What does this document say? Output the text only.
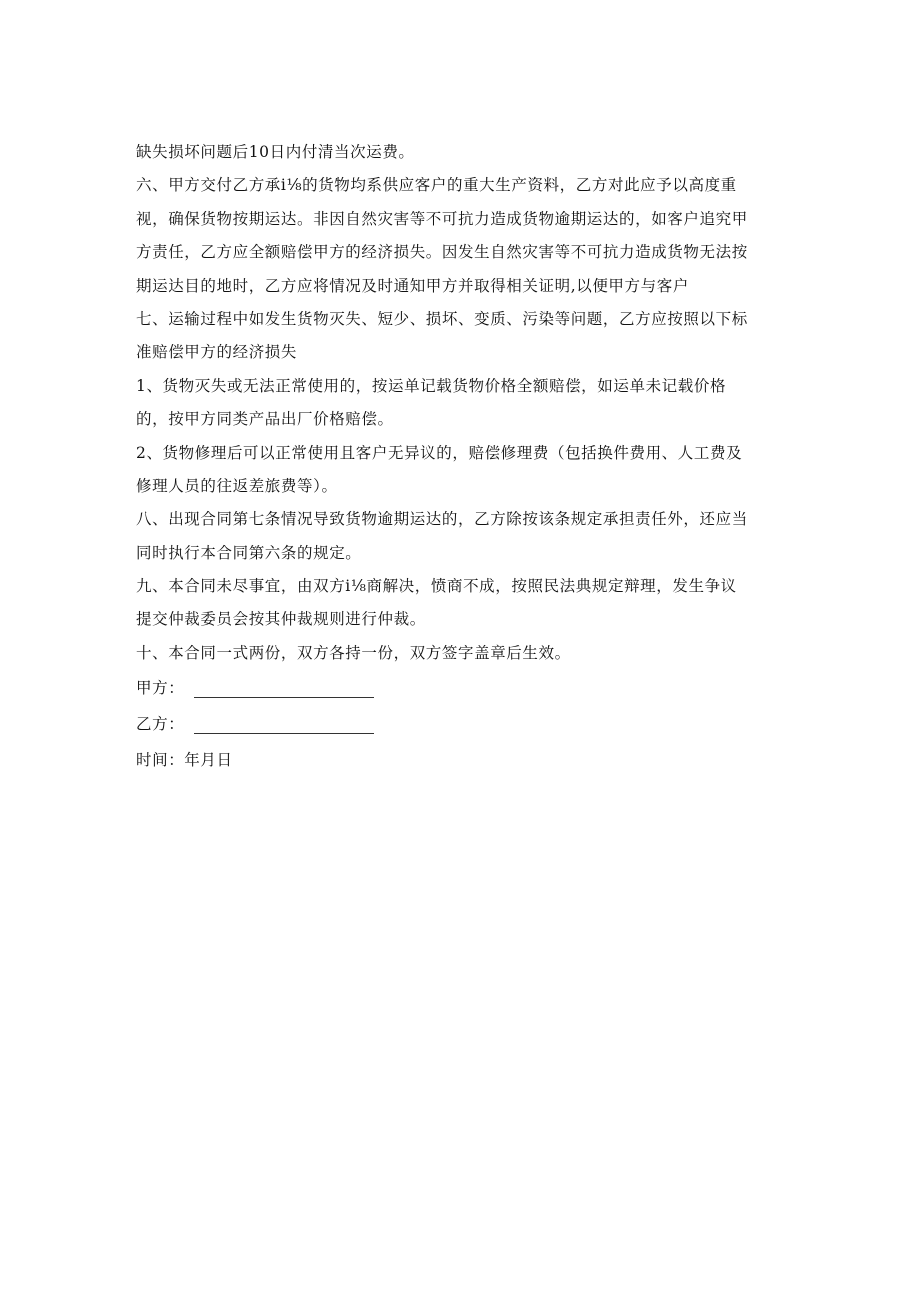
缺失损坏问题后10日内付清当次运费。
六、甲方交付乙方承i⅛的货物均系供应客户的重大生产资料，乙方对此应予以高度重
视，确保货物按期运达。非因自然灾害等不可抗力造成货物逾期运达的，如客户追究甲
方责任，乙方应全额赔偿甲方的经济损失。因发生自然灾害等不可抗力造成货物无法按
期运达目的地时，乙方应将情况及时通知甲方并取得相关证明,以便甲方与客户
七、运输过程中如发生货物灭失、短少、损坏、变质、污染等问题，乙方应按照以下标
准赔偿甲方的经济损失
1、货物灭失或无法正常使用的，按运单记载货物价格全额赔偿，如运单未记载价格
的，按甲方同类产品出厂价格赔偿。
2、货物修理后可以正常使用且客户无异议的，赔偿修理费（包括换件费用、人工费及
修理人员的往返差旅费等）。
八、出现合同第七条情况导致货物逾期运达的，乙方除按该条规定承担责任外，还应当
同时执行本合同第六条的规定。
九、本合同未尽事宜，由双方i⅛商解决，愤商不成，按照民法典规定辩理，发生争议
提交仲裁委员会按其仲裁规则进行仲裁。
十、本合同一式两份，双方各持一份，双方签字盖章后生效。
甲方：
乙方：
时间：年月日
